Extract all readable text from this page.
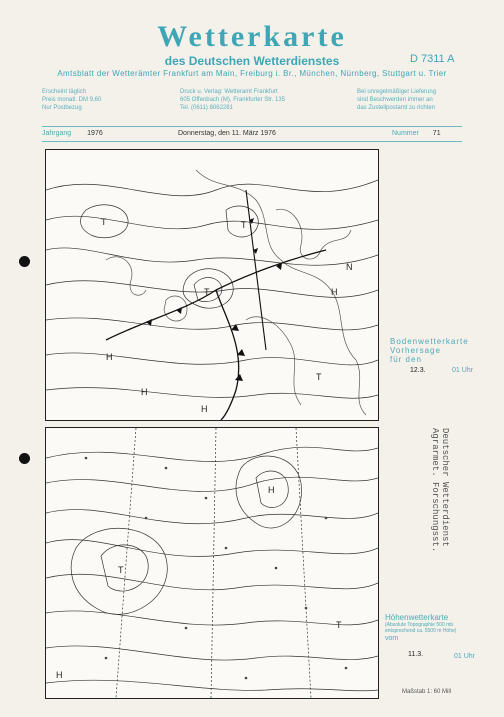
Wetterkarte
des Deutschen Wetterdienstes	D 7311 A
Amtsblatt der Wetterämter Frankfurt am Main, Freiburg i. Br., München, Nürnberg, Stuttgart u. Trier
Erscheint täglich
Preis monatl. DM 9,60
Nur Postbezug
Druck u. Verlag: Wetteramt Frankfurt
605 Offenbach (M), Frankfurter Str. 135
Tel. (0611) 8062281
Bei unregelmäßiger Lieferung
sind Beschwerden immer an
das Zustellpostamt zu richten
Jahrgang 1976	Donnerstag, den 11. März 1976	Nummer 71
T
T	T
H
H
H
N
T
H
Bodenwetterkarte
Vorhersage
für den
12.3.	01 Uhr
T
H
H
T
Deutscher Wetterdienst Agrarmet. Forschungsst.
Höhenwetterkarte
(Absolute Topographie 500 mb
entsprechend ca. 5500 m Höhe)
vom
11.3.	01 Uhr
Maßstab 1: 60 Mill
